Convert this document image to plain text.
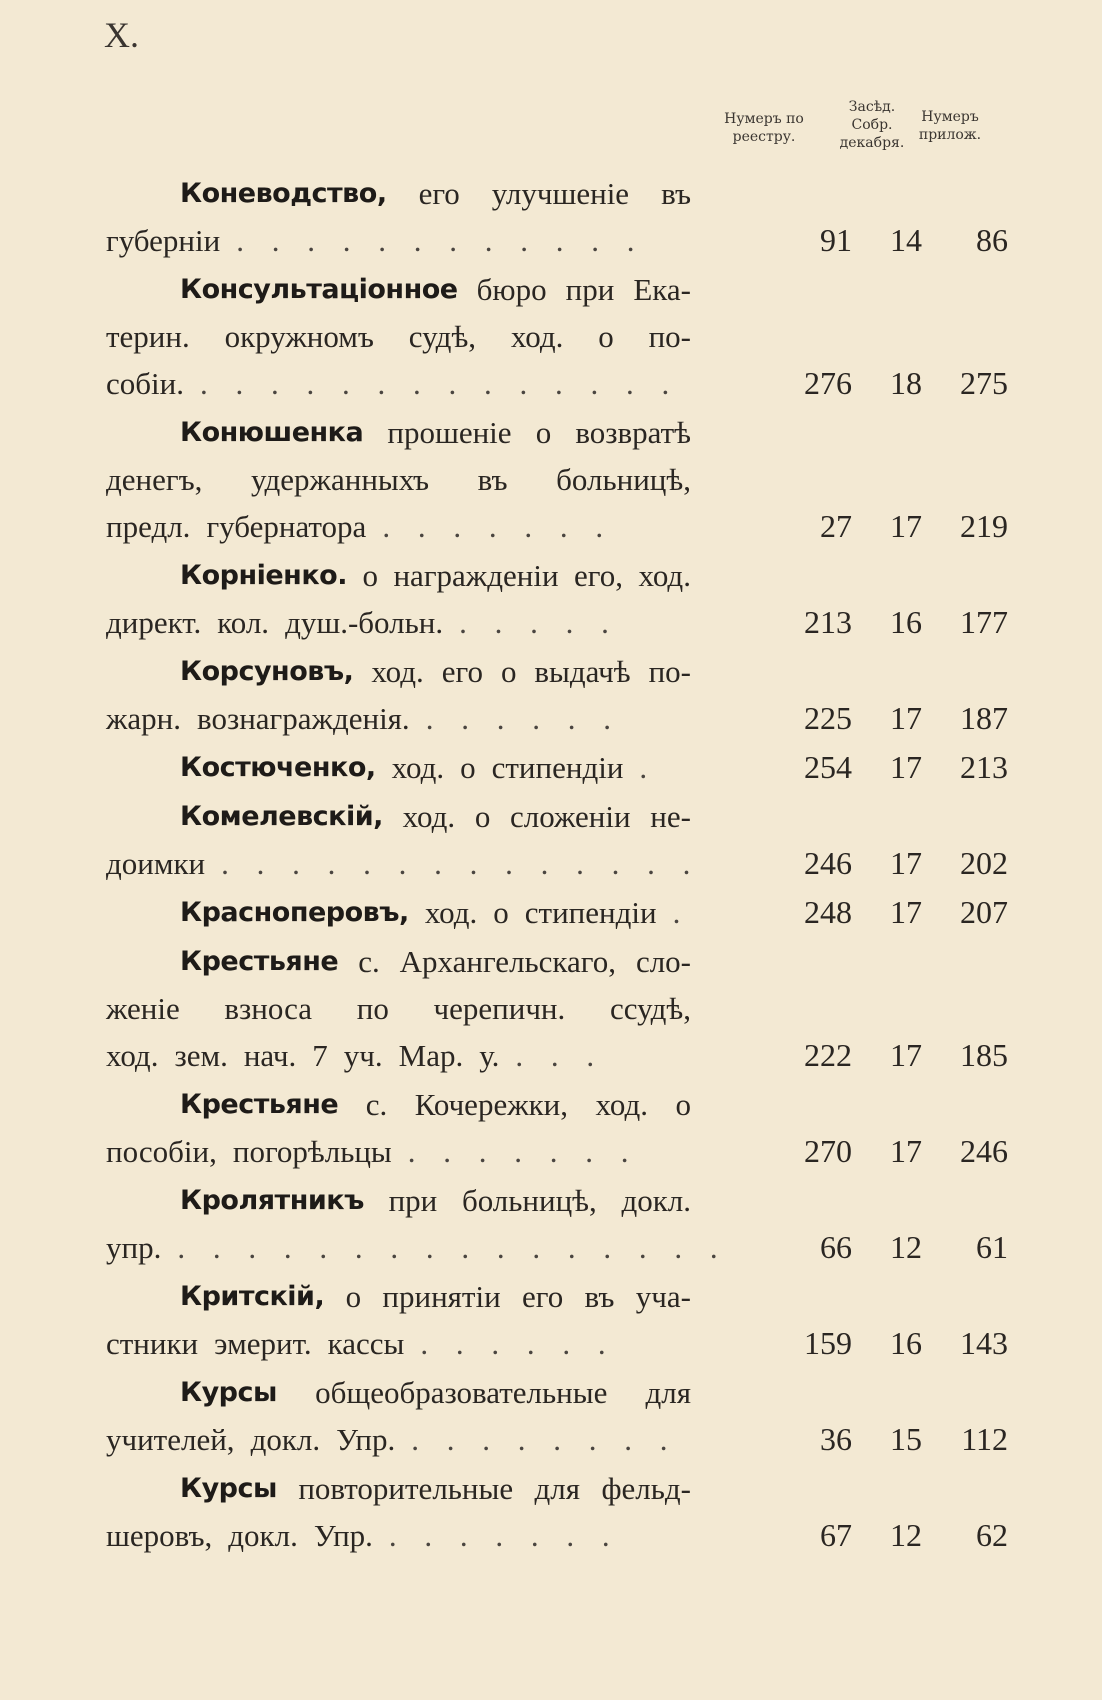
X.
Нумеръ по
реестру.
Засѣд.
Собр.
декабря.
Нумеръ
прилож.
Коневодство, его улучшеніе въ
губерніи . . . . . . . . . . . .	91	14	86
Консультаціонное бюро при Ека-
терин. окружномъ судѣ, ход. о по-
собіи. . . . . . . . . . . . . . .	276	18	275
Конюшенка прошеніе о возвратѣ
денегъ, удержанныхъ въ больницѣ,
предл. губернатора . . . . . . .	27	17	219
Корніенко. о награжденіи его, ход.
директ. кол. душ.-больн. . . . . .	213	16	177
Корсуновъ, ход. его о выдачѣ по-
жарн. вознагражденія. . . . . . .	225	17	187
Костюченко, ход. о стипендіи .	254	17	213
Комелевскій, ход. о сложеніи не-
доимки . . . . . . . . . . . . . .	246	17	202
Красноперовъ, ход. о стипендіи .	248	17	207
Крестьяне с. Архангельскаго, сло-
женіе взноса по черепичн. ссудѣ,
ход. зем. нач. 7 уч. Мар. у. . . .	222	17	185
Крестьяне с. Кочережки, ход. о
пособіи, погорѣльцы . . . . . . .	270	17	246
Кролятникъ при больницѣ, докл.
упр. . . . . . . . . . . . . . . . .	66	12	61
Критскій, о принятіи его въ уча-
стники эмерит. кассы . . . . . .	159	16	143
Курсы общеобразовательные для
учителей, докл. Упр. . . . . . . . .	36	15	112
Курсы повторительные для фельд-
шеровъ, докл. Упр. . . . . . . .	67	12	62
